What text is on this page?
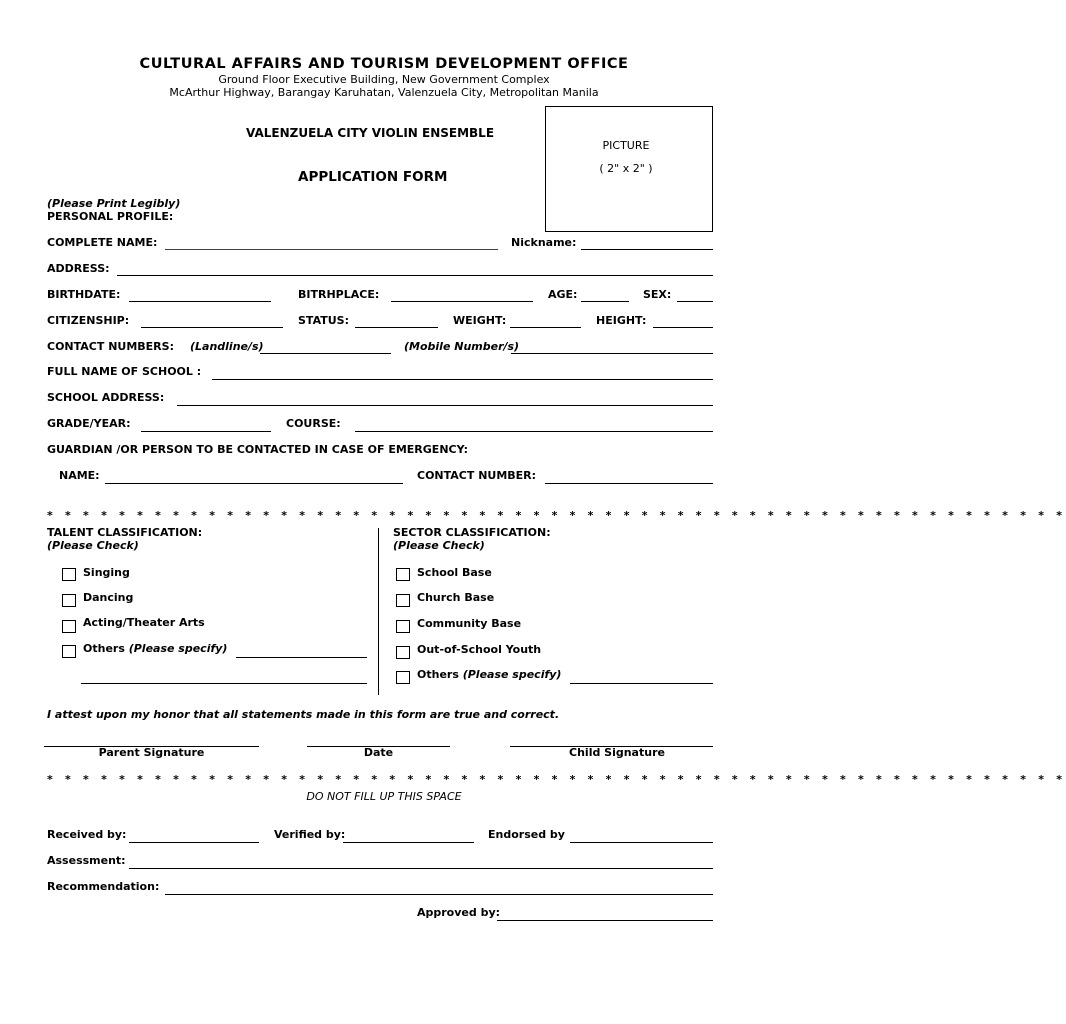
CULTURAL AFFAIRS AND TOURISM DEVELOPMENT OFFICE
Ground Floor Executive Building, New Government Complex
McArthur Highway, Barangay Karuhatan, Valenzuela City, Metropolitan Manila
VALENZUELA CITY VIOLIN ENSEMBLE
APPLICATION FORM
PICTURE
( 2" x 2" )
(Please Print Legibly)
PERSONAL PROFILE:
COMPLETE NAME:	Nickname:
ADDRESS:
BIRTHDATE:	BITRHPLACE:	AGE:	SEX:
CITIZENSHIP:	STATUS:	WEIGHT:	HEIGHT:
CONTACT NUMBERS: (Landline/s)	(Mobile Number/s)
FULL NAME OF SCHOOL :
SCHOOL ADDRESS:
GRADE/YEAR:	COURSE:
GUARDIAN /OR PERSON TO BE CONTACTED IN CASE OF EMERGENCY:
NAME:	CONTACT NUMBER:
* * * * * * * * * * * * * * * * * * * * * * * * * * * * * * * * * * * * * * * * * * * * * * * * * * * * * * * * *
TALENT CLASSIFICATION:
(Please Check)
Singing
Dancing
Acting/Theater Arts
Others (Please specify)
SECTOR CLASSIFICATION:
(Please Check)
School Base
Church Base
Community Base
Out-of-School Youth
Others (Please specify)
I attest upon my honor that all statements made in this form are true and correct.
Parent Signature	Date	Child Signature
* * * * * * * * * * * * * * * * * * * * * * * * * * * * * * * * * * * * * * * * * * * * * * * * * * * * * * * * *
DO NOT FILL UP THIS SPACE
Received by:	Verified by:	Endorsed by
Assessment:
Recommendation:
Approved by:
